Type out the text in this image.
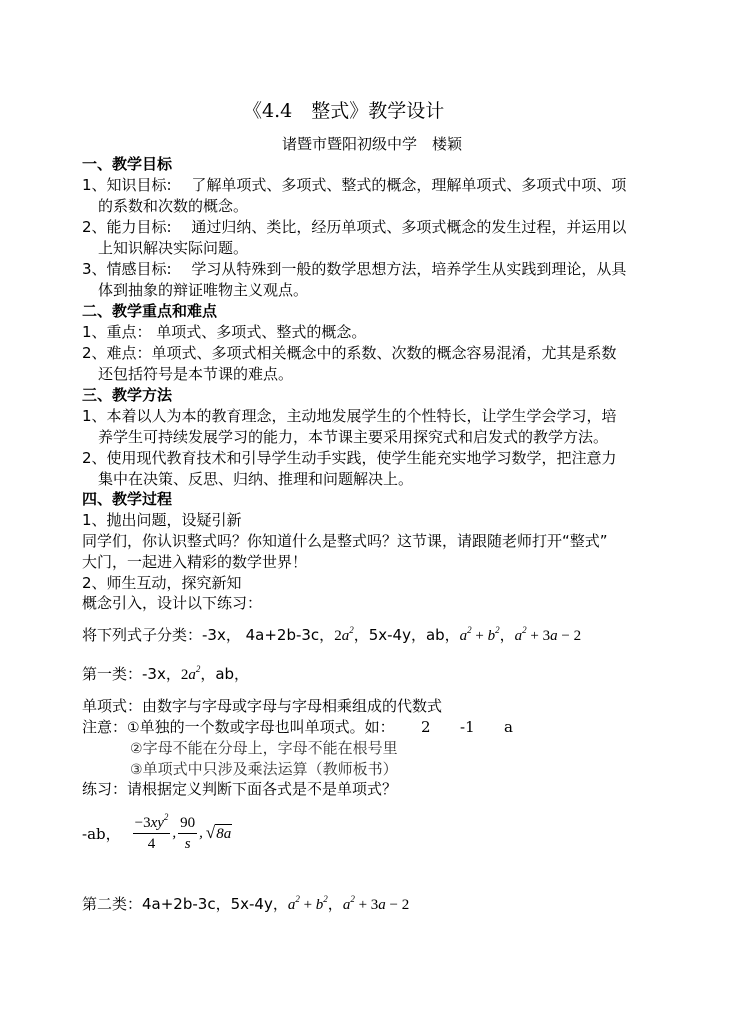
《4.4　整式》教学设计
诸暨市暨阳初级中学　楼颖
一、教学目标
1、知识目标:　 了解单项式、多项式、整式的概念，理解单项式、多项式中项、项
的系数和次数的概念。
2、能力目标:　 通过归纳、类比，经历单项式、多项式概念的发生过程，并运用以
上知识解决实际问题。
3、情感目标:　 学习从特殊到一般的数学思想方法，培养学生从实践到理论，从具
体到抽象的辩证唯物主义观点。
二、教学重点和难点
1、重点： 单项式、多项式、整式的概念。
2、难点：单项式、多项式相关概念中的系数、次数的概念容易混淆，尤其是系数
还包括符号是本节课的难点。
三、教学方法
1、本着以人为本的教育理念，主动地发展学生的个性特长，让学生学会学习，培
养学生可持续发展学习的能力，本节课主要采用探究式和启发式的教学方法。
2、使用现代教育技术和引导学生动手实践，使学生能充实地学习数学，把注意力
集中在决策、反思、归纳、推理和问题解决上。
四、教学过程
1、抛出问题，设疑引新
同学们，你认识整式吗？你知道什么是整式吗？这节课，请跟随老师打开“整式”
大门，一起进入精彩的数学世界！
2、师生互动，探究新知
概念引入，设计以下练习：
将下列式子分类：-3x， 4a+2b-3c，$2a^2$，5x-4y，ab，$a^2 + b^2$，$a^2 + 3a - 2$
第一类：-3x，$2a^2$，ab，
单项式：由数字与字母或字母与字母相乘组成的代数式
注意：①单独的一个数或字母也叫单项式。如： 2 -1 a
②字母不能在分母上，字母不能在根号里
③单项式中只涉及乘法运算（教师板书）
练习：请根据定义判断下面各式是不是单项式？
-ab， $\frac{-3xy^2}{4}$ , $\frac{90}{s}$ , √ 8a
第二类：4a+2b-3c，5x-4y，$a^2 + b^2$，$a^2 + 3a - 2$
